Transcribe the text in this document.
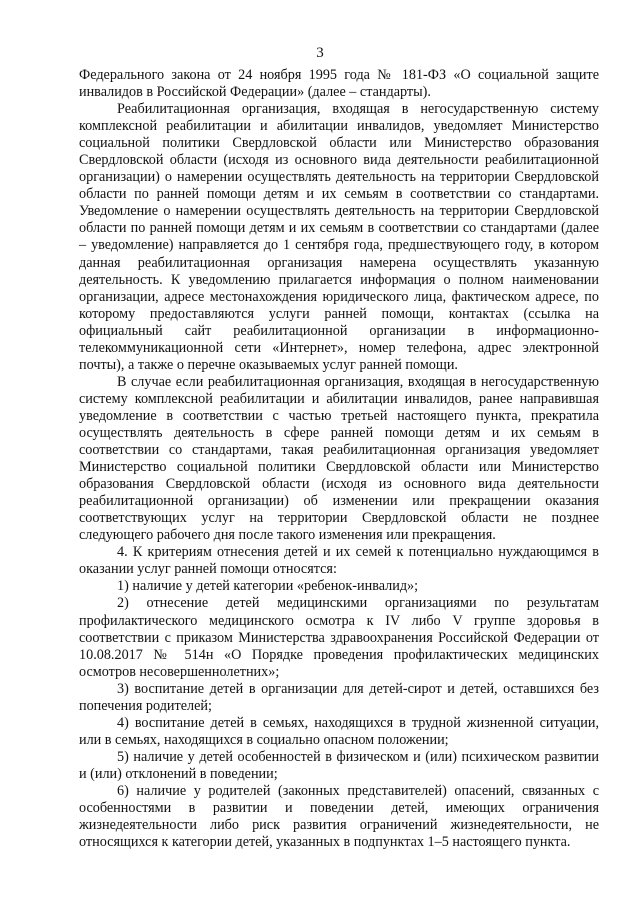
3

Федерального закона от 24 ноября 1995 года № 181-ФЗ «О социальной защите инвалидов в Российской Федерации» (далее – стандарты).

Реабилитационная организация, входящая в негосударственную систему комплексной реабилитации и абилитации инвалидов, уведомляет Министерство социальной политики Свердловской области или Министерство образования Свердловской области (исходя из основного вида деятельности реабилитационной организации) о намерении осуществлять деятельность на территории Свердловской области по ранней помощи детям и их семьям в соответствии со стандартами. Уведомление о намерении осуществлять деятельность на территории Свердловской области по ранней помощи детям и их семьям в соответствии со стандартами (далее – уведомление) направляется до 1 сентября года, предшествующего году, в котором данная реабилитационная организация намерена осуществлять указанную деятельность. К уведомлению прилагается информация о полном наименовании организации, адресе местонахождения юридического лица, фактическом адресе, по которому предоставляются услуги ранней помощи, контактах (ссылка на официальный сайт реабилитационной организации в информационно-телекоммуникационной сети «Интернет», номер телефона, адрес электронной почты), а также о перечне оказываемых услуг ранней помощи.

В случае если реабилитационная организация, входящая в негосударственную систему комплексной реабилитации и абилитации инвалидов, ранее направившая уведомление в соответствии с частью третьей настоящего пункта, прекратила осуществлять деятельность в сфере ранней помощи детям и их семьям в соответствии со стандартами, такая реабилитационная организация уведомляет Министерство социальной политики Свердловской области или Министерство образования Свердловской области (исходя из основного вида деятельности реабилитационной организации) об изменении или прекращении оказания соответствующих услуг на территории Свердловской области не позднее следующего рабочего дня после такого изменения или прекращения.

4. К критериям отнесения детей и их семей к потенциально нуждающимся в оказании услуг ранней помощи относятся:

1) наличие у детей категории «ребенок-инвалид»;

2) отнесение детей медицинскими организациями по результатам профилактического медицинского осмотра к IV либо V группе здоровья в соответствии с приказом Министерства здравоохранения Российской Федерации от 10.08.2017 № 514н «О Порядке проведения профилактических медицинских осмотров несовершеннолетних»;

3) воспитание детей в организации для детей-сирот и детей, оставшихся без попечения родителей;

4) воспитание детей в семьях, находящихся в трудной жизненной ситуации, или в семьях, находящихся в социально опасном положении;

5) наличие у детей особенностей в физическом и (или) психическом развитии и (или) отклонений в поведении;

6) наличие у родителей (законных представителей) опасений, связанных с особенностями в развитии и поведении детей, имеющих ограничения жизнедеятельности либо риск развития ограничений жизнедеятельности, не относящихся к категории детей, указанных в подпунктах 1–5 настоящего пункта.
